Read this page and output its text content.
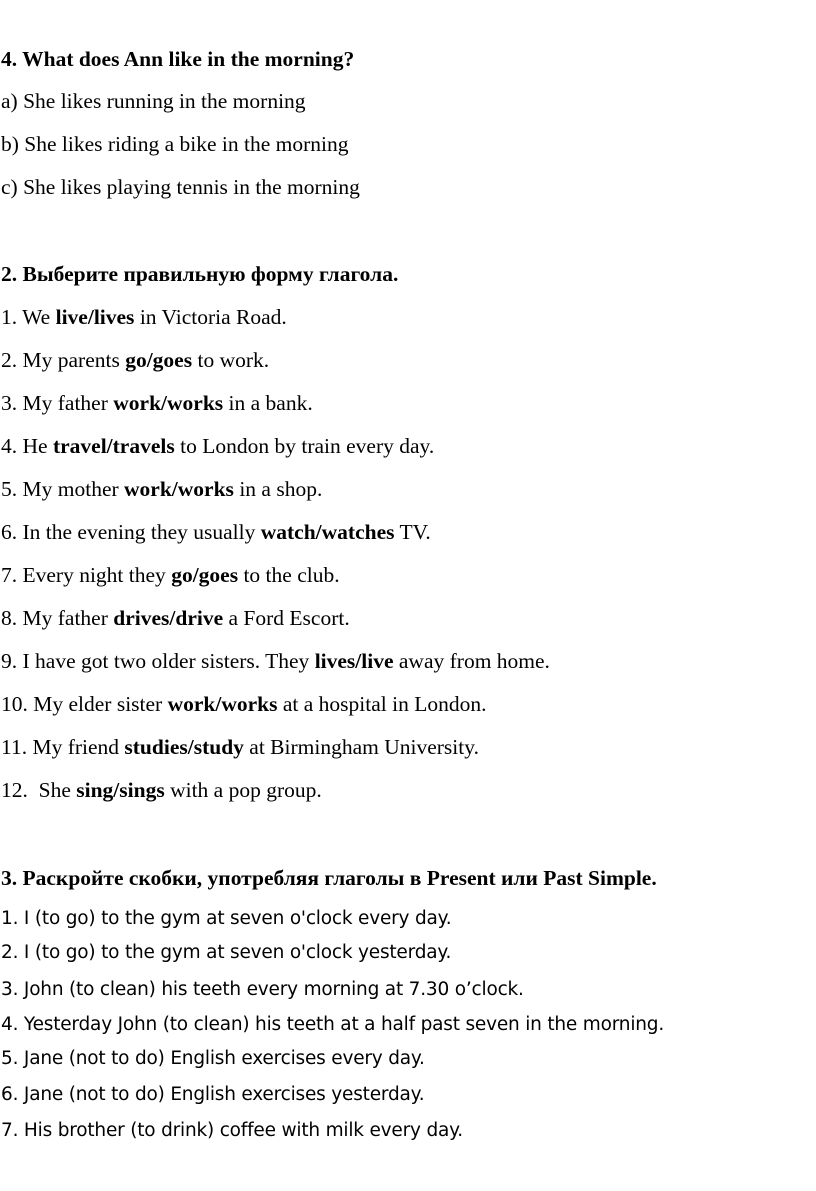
4. What does Ann like in the morning?
a) She likes running in the morning
b) She likes riding a bike in the morning
c) She likes playing tennis in the morning
2. Выберите правильную форму глагола.
1. We live/lives in Victoria Road.
2. My parents go/goes to work.
3. My father work/works in a bank.
4. He travel/travels to London by train every day.
5. My mother work/works in a shop.
6. In the evening they usually watch/watches TV.
7. Every night they go/goes to the club.
8. My father drives/drive a Ford Escort.
9. I have got two older sisters. They lives/live away from home.
10. My elder sister work/works at a hospital in London.
11. My friend studies/study at Birmingham University.
12.  She sing/sings with a pop group.
3. Раскройте скобки, употребляя глаголы в Present или Past Simple.
1. I (to go) to the gym at seven o'clock every day.
2. I (to go) to the gym at seven o'clock yesterday.
3. John (to clean) his teeth every morning at 7.30 o’clock.
4. Yesterday John (to clean) his teeth at a half past seven in the morning.
5. Jane (not to do) English exercises every day.
6. Jane (not to do) English exercises yesterday.
7. His brother (to drink) coffee with milk every day.
